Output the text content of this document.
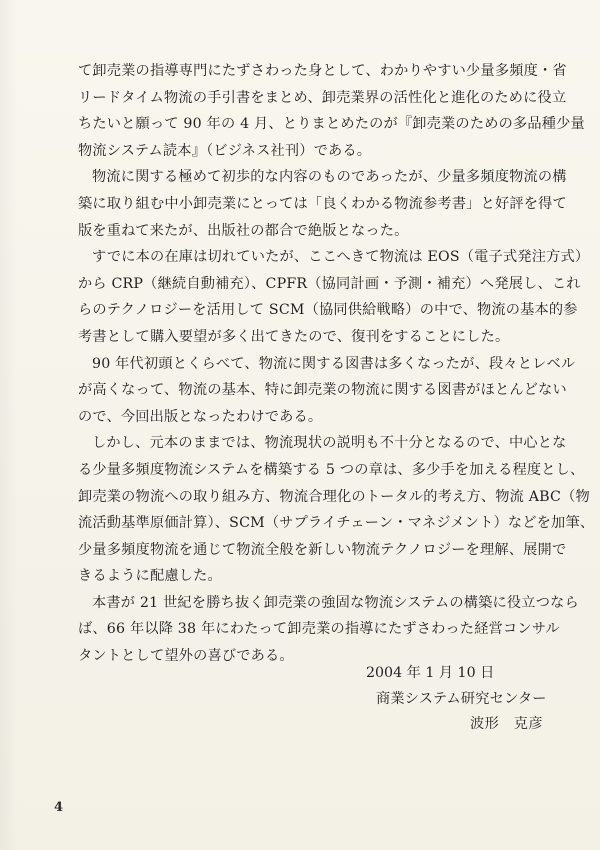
て卸売業の指導専門にたずさわった身として、わかりやすい少量多頻度・省
リードタイム物流の手引書をまとめ、卸売業界の活性化と進化のために役立
ちたいと願って 90 年の 4 月、とりまとめたのが『卸売業のための多品種少量
物流システム読本』（ビジネス社刊）である。
物流に関する極めて初歩的な内容のものであったが、少量多頻度物流の構
築に取り組む中小卸売業にとっては「良くわかる物流参考書」と好評を得て
版を重ねて来たが、出版社の都合で絶版となった。
すでに本の在庫は切れていたが、ここへきて物流は EOS（電子式発注方式）
から CRP（継続自動補充）、CPFR（協同計画・予測・補充）へ発展し、これ
らのテクノロジーを活用して SCM（協同供給戦略）の中で、物流の基本的参
考書として購入要望が多く出てきたので、復刊をすることにした。
90 年代初頭とくらべて、物流に関する図書は多くなったが、段々とレベル
が高くなって、物流の基本、特に卸売業の物流に関する図書がほとんどない
ので、今回出版となったわけである。
しかし、元本のままでは、物流現状の説明も不十分となるので、中心とな
る少量多頻度物流システムを構築する 5 つの章は、多少手を加える程度とし、
卸売業の物流への取り組み方、物流合理化のトータル的考え方、物流 ABC（物
流活動基準原価計算）、SCM（サプライチェーン・マネジメント）などを加筆、
少量多頻度物流を通じて物流全般を新しい物流テクノロジーを理解、展開で
きるように配慮した。
本書が 21 世紀を勝ち抜く卸売業の強固な物流システムの構築に役立つなら
ば、66 年以降 38 年にわたって卸売業の指導にたずさわった経営コンサル
タントとして望外の喜びである。
2004 年 1 月 10 日
商業システム研究センター
波形　克彦
4
